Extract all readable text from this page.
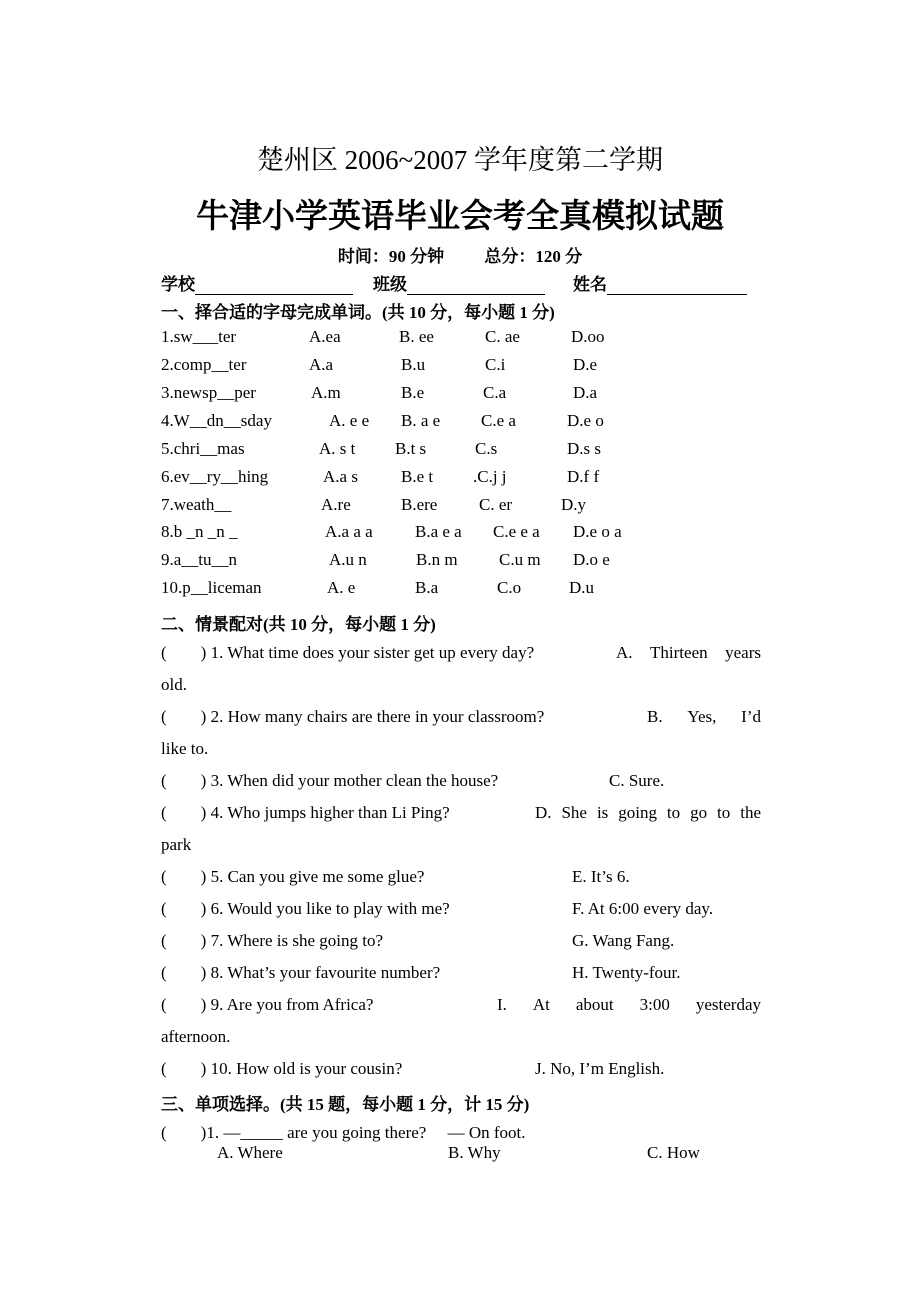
楚州区 2006~2007 学年度第二学期
牛津小学英语毕业会考全真模拟试题
时间：90 分钟 总分：120 分
学校	班级	姓名
一、择合适的字母完成单词。(共 10 分，每小题 1 分)
1.sw___ter	A.ea	B. ee	C. ae	D.oo
2.comp__ter	A.a	B.u	C.i	D.e
3.newsp__per	A.m	B.e	C.a	D.a
4.W__dn__sday	A. e e B. a e C.e a	D.e o
5.chri__mas	A. s t B.t s	C.s	D.s s
6.ev__ry__hing	A.a s	B.e t .C.j j	D.f f
7.weath__	A.re	B.ere C. er	D.y
8.b _n _n _	A.a a a B.a e a C.e e a D.e o a
9.a__tu__n	A.u n	B.n m C.u m D.o e
10.p__liceman	A. e	B.a	C.o	D.u
二、情景配对(共 10 分，每小题 1 分)
(　　) 1. What time does your sister get up every day?	A.　Thirteen　years
old.
(　　) 2. How many chairs are there in your classroom?	B.　Yes,　I’d
like to.
(　　) 3. When did your mother clean the house?	C. Sure.
(　　) 4. Who jumps higher than Li Ping?	D. She is going to go to the
park
(　　) 5. Can you give me some glue?	E. It’s 6.
(　　) 6. Would you like to play with me?	F. At 6:00 every day.
(　　) 7. Where is she going to?	G. Wang Fang.
(　　) 8. What’s your favourite number?	H. Twenty-four.
(　　) 9. Are you from Africa?	I.　At　about　3:00　yesterday
afternoon.
(　　) 10. How old is your cousin?	J. No, I’m English.
三、单项选择。(共 15 题，每小题 1 分，计 15 分)
(　　)1. —_____ are you going there?　 — On foot.
A. Where	B. Why	C. How
